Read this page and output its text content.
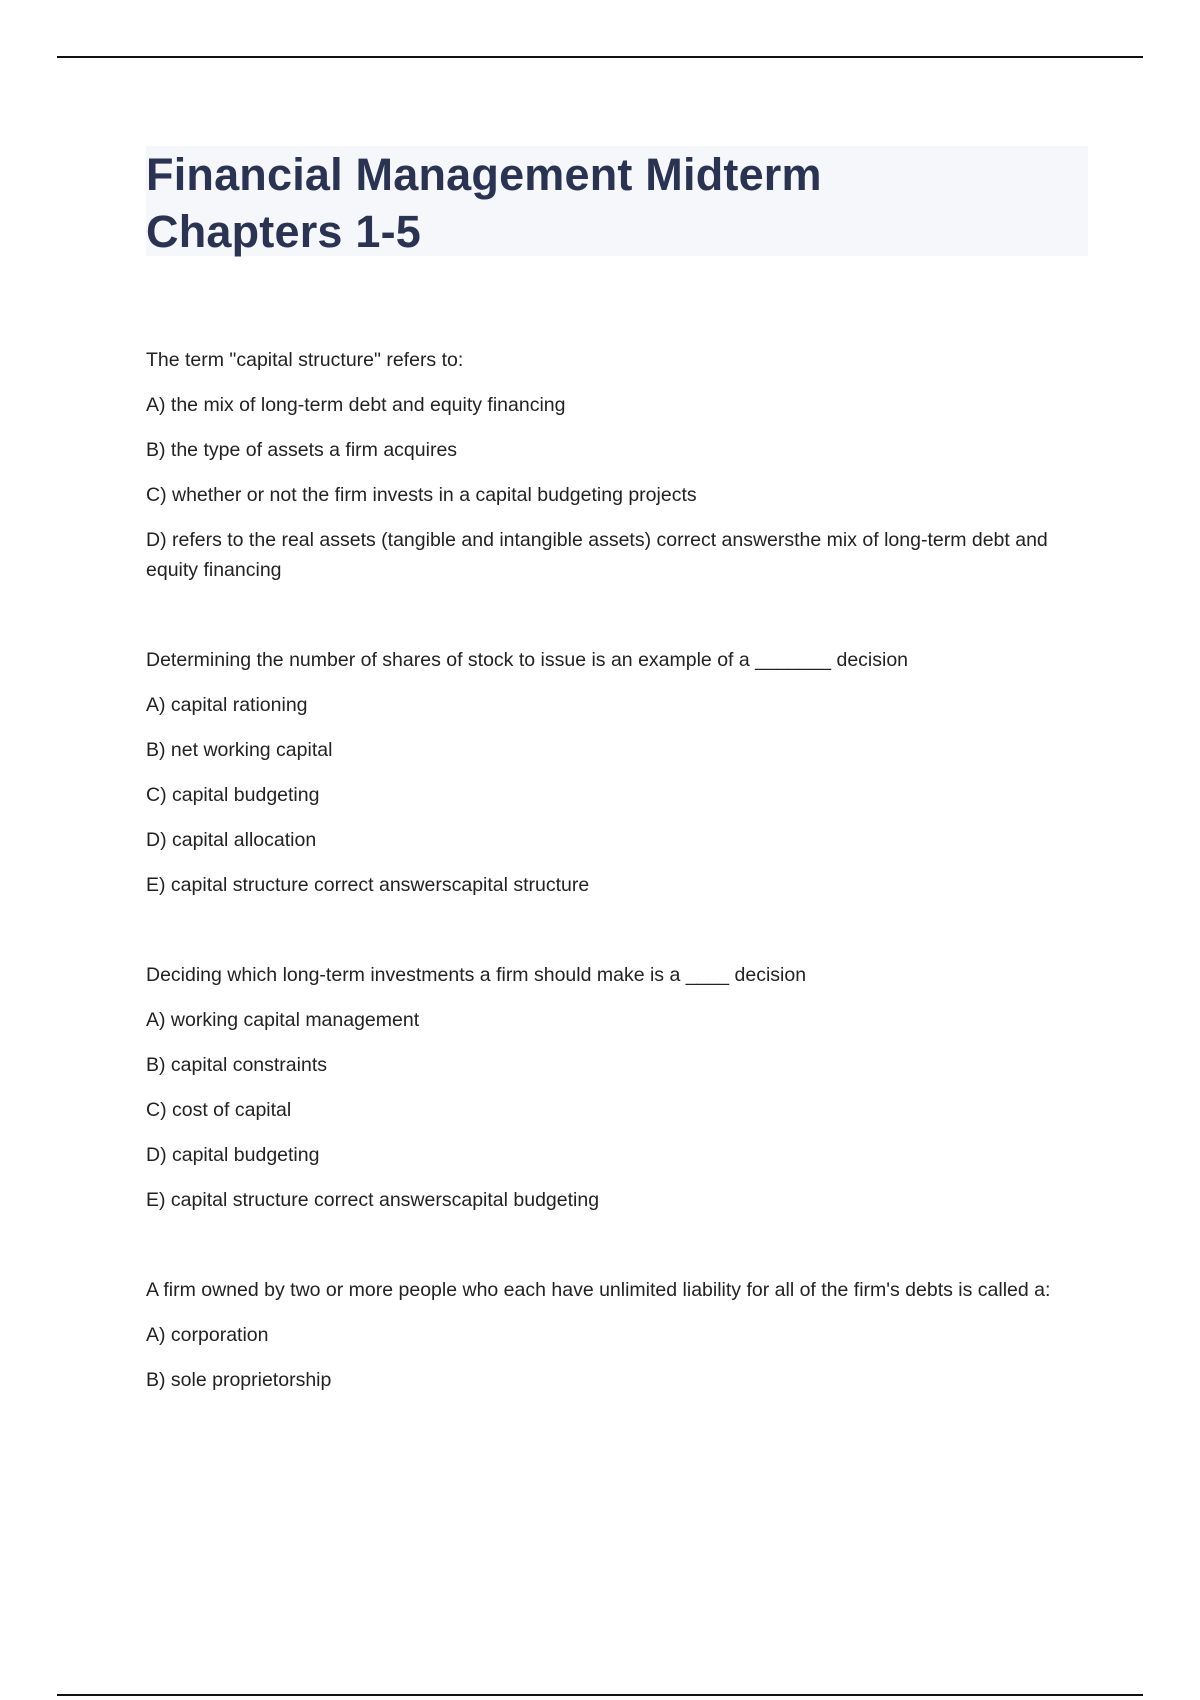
Financial Management Midterm
Chapters 1-5

The term "capital structure" refers to:

A) the mix of long-term debt and equity financing

B) the type of assets a firm acquires

C) whether or not the firm invests in a capital budgeting projects

D) refers to the real assets (tangible and intangible assets) correct answersthe mix of long-term debt and equity financing

Determining the number of shares of stock to issue is an example of a _______ decision

A) capital rationing

B) net working capital

C) capital budgeting

D) capital allocation

E) capital structure correct answerscapital structure

Deciding which long-term investments a firm should make is a ____ decision

A) working capital management

B) capital constraints

C) cost of capital

D) capital budgeting

E) capital structure correct answerscapital budgeting

A firm owned by two or more people who each have unlimited liability for all of the firm's debts is called a:

A) corporation

B) sole proprietorship
